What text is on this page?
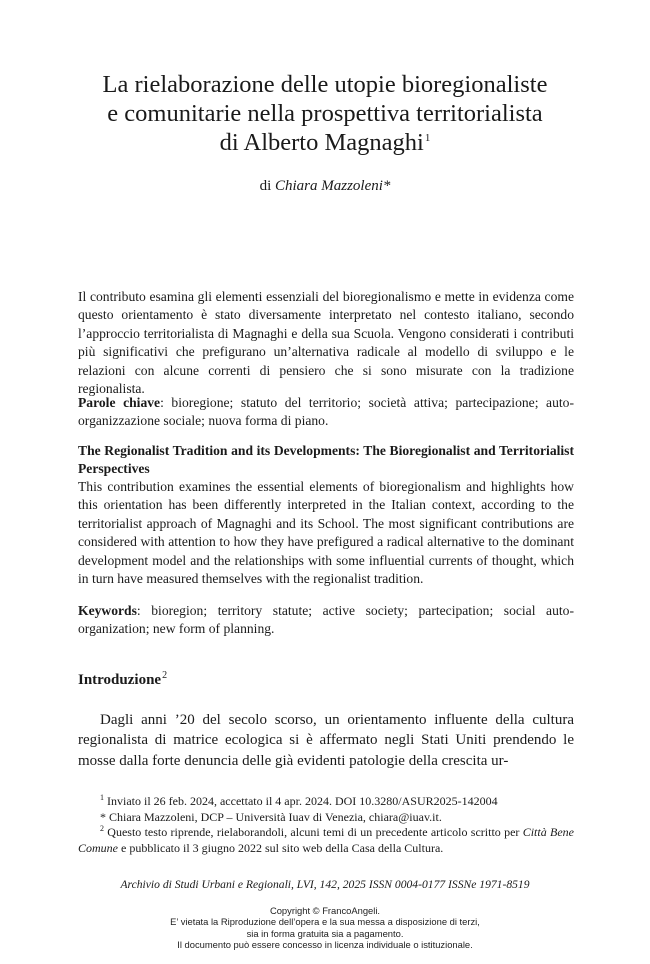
La rielaborazione delle utopie bioregionaliste
e comunitarie nella prospettiva territorialista
di Alberto Magnaghi$^1$
di Chiara Mazzoleni*

Il contributo esamina gli elementi essenziali del bioregionalismo e mette in evidenza come questo orientamento è stato diversamente interpretato nel contesto italiano, secondo l’approccio territorialista di Magnaghi e della sua Scuola. Vengono considerati i contributi più significativi che prefigurano un’alternativa radicale al modello di sviluppo e le relazioni con alcune correnti di pensiero che si sono misurate con la tradizione regionalista.

Parole chiave: bioregione; statuto del territorio; società attiva; partecipazione; auto-organizzazione sociale; nuova forma di piano.

The Regionalist Tradition and its Developments: The Bioregionalist and Territorialist Perspectives

This contribution examines the essential elements of bioregionalism and highlights how this orientation has been differently interpreted in the Italian context, according to the territorialist approach of Magnaghi and its School. The most significant contributions are considered with attention to how they have prefigured a radical alternative to the dominant development model and the relationships with some influential currents of thought, which in turn have measured themselves with the regionalist tradition.

Keywords: bioregion; territory statute; active society; partecipation; social auto-organization; new form of planning.

Introduzione$^2$

Dagli anni ’20 del secolo scorso, un orientamento influente della cultura regionalista di matrice ecologica si è affermato negli Stati Uniti prendendo le mosse dalla forte denuncia delle già evidenti patologie della crescita ur-

$^1$ Inviato il 26 feb. 2024, accettato il 4 apr. 2024. DOI 10.3280/ASUR2025-142004

* Chiara Mazzoleni, DCP – Università Iuav di Venezia, chiara@iuav.it.

$^2$ Questo testo riprende, rielaborandoli, alcuni temi di un precedente articolo scritto per Città Bene Comune e pubblicato il 3 giugno 2022 sul sito web della Casa della Cultura.

Archivio di Studi Urbani e Regionali, LVI, 142, 2025 ISSN 0004-0177 ISSNe 1971-8519
Copyright © FrancoAngeli.
E’ vietata la Riproduzione dell’opera e la sua messa a disposizione di terzi,
sia in forma gratuita sia a pagamento.
Il documento può essere concesso in licenza individuale o istituzionale.
